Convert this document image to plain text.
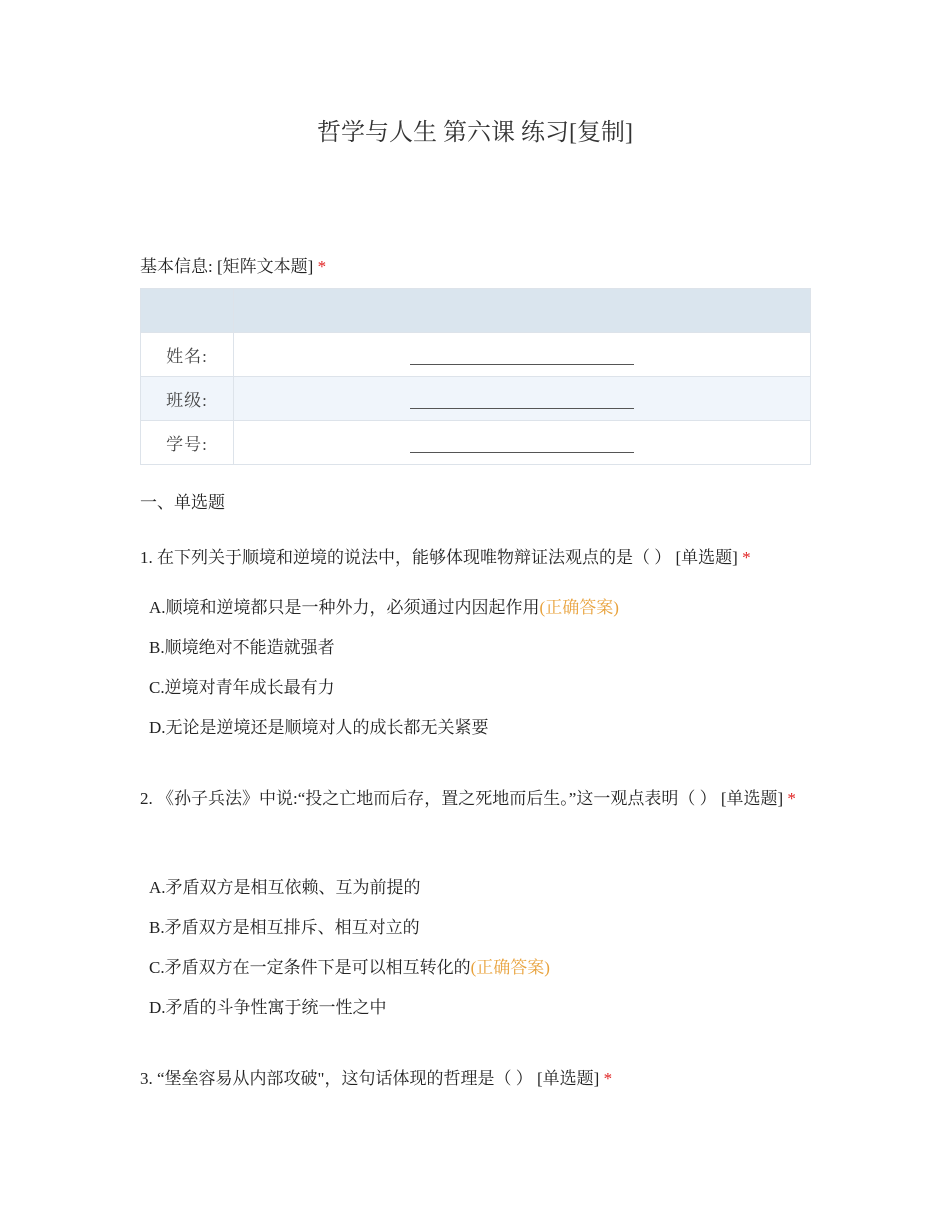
哲学与人生 第六课 练习[复制]
基本信息: [矩阵文本题] *

姓名:	
班级:	
学号:	
一、单选题
1. 在下列关于顺境和逆境的说法中，能够体现唯物辩证法观点的是（ ） [单选题] *
A.顺境和逆境都只是一种外力，必须通过内因起作用(正确答案)
B.顺境绝对不能造就强者
C.逆境对青年成长最有力
D.无论是逆境还是顺境对人的成长都无关紧要
2. 《孙子兵法》中说:“投之亡地而后存，置之死地而后生。”这一观点表明（ ） [单选题] *
A.矛盾双方是相互依赖、互为前提的
B.矛盾双方是相互排斥、相互对立的
C.矛盾双方在一定条件下是可以相互转化的(正确答案)
D.矛盾的斗争性寓于统一性之中
3. “堡垒容易从内部攻破"，这句话体现的哲理是（ ） [单选题] *
